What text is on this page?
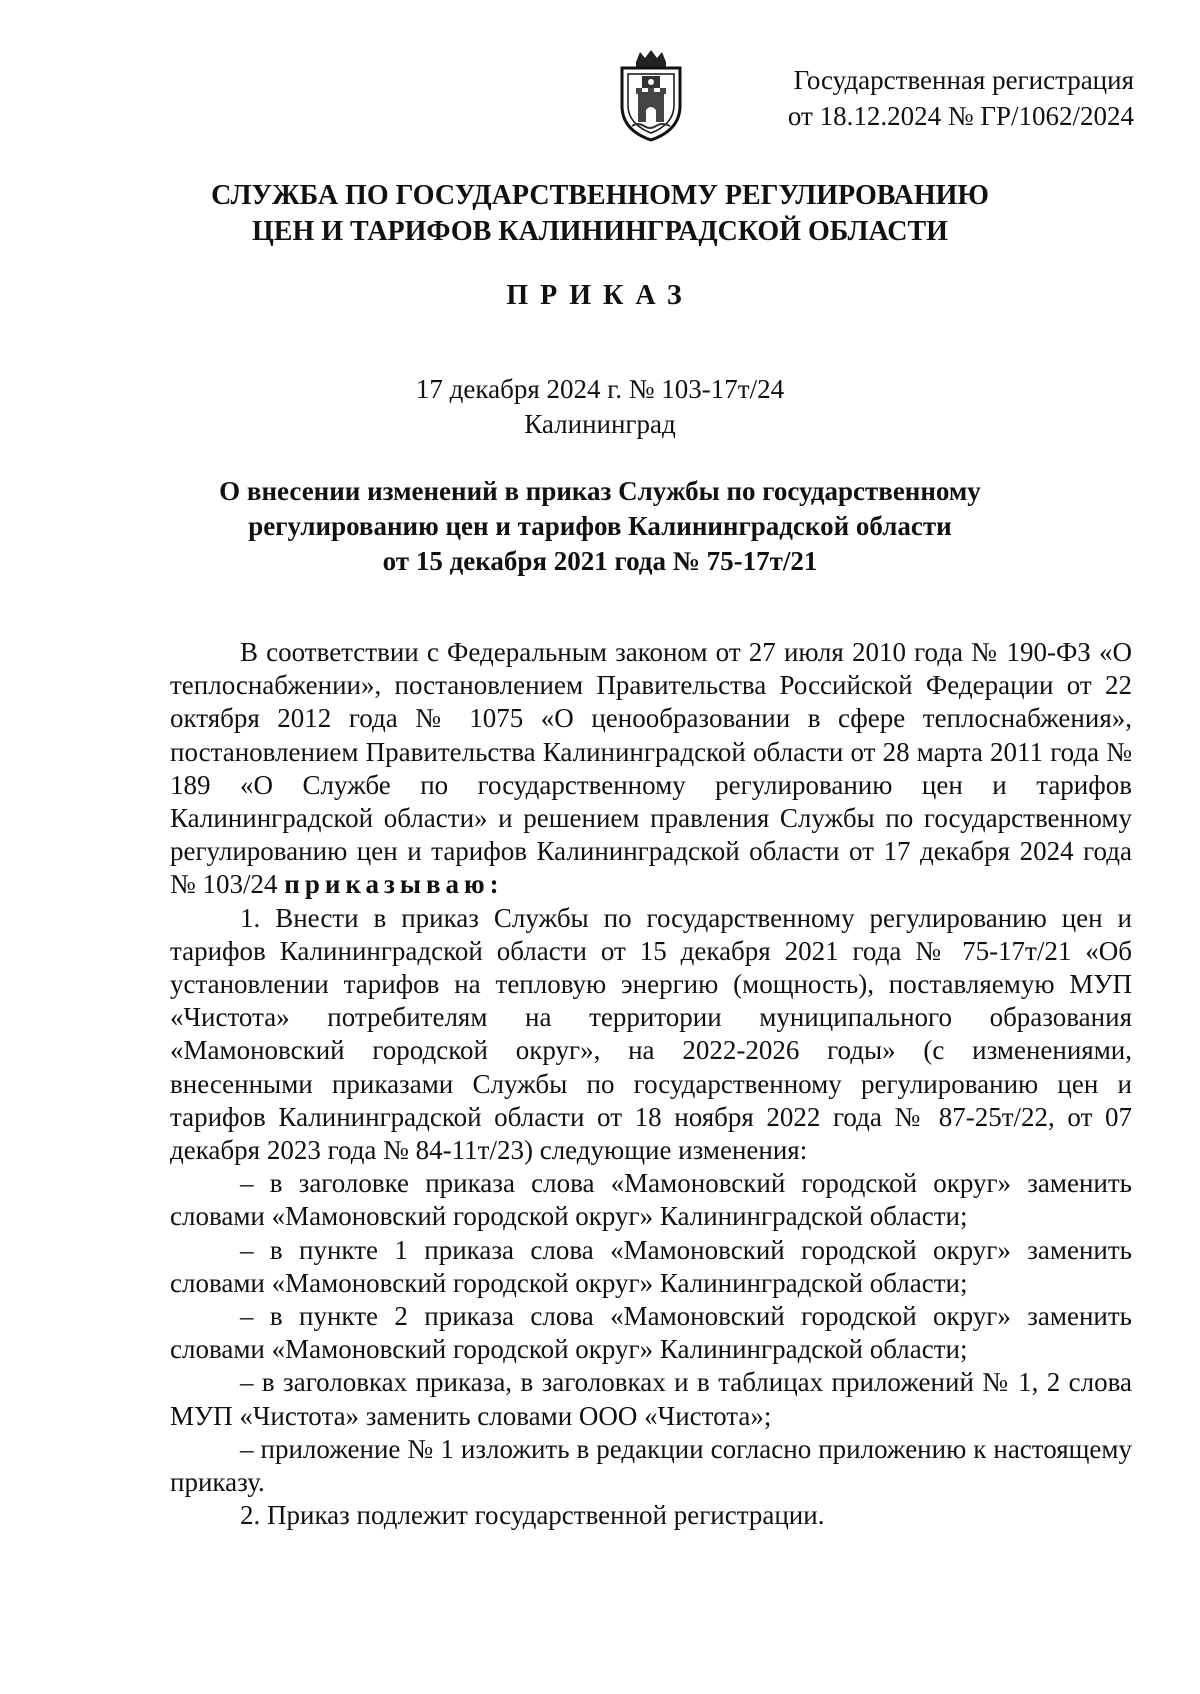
Государственная регистрация
от 18.12.2024 № ГР/1062/2024
СЛУЖБА ПО ГОСУДАРСТВЕННОМУ РЕГУЛИРОВАНИЮ
ЦЕН И ТАРИФОВ КАЛИНИНГРАДСКОЙ ОБЛАСТИ
ПРИКАЗ
17 декабря 2024 г. № 103-17т/24
Калининград
О внесении изменений в приказ Службы по государственному
регулированию цен и тарифов Калининградской области
от 15 декабря 2021 года № 75-17т/21

В соответствии с Федеральным законом от 27 июля 2010 года № 190-ФЗ «О теплоснабжении», постановлением Правительства Российской Федерации от 22 октября 2012 года № 1075 «О ценообразовании в сфере теплоснабжения», постановлением Правительства Калининградской области от 28 марта 2011 года № 189 «О Службе по государственному регулированию цен и тарифов Калининградской области» и решением правления Службы по государственному регулированию цен и тарифов Калининградской области от 17 декабря 2024 года № 103/24 приказываю:

1. Внести в приказ Службы по государственному регулированию цен и тарифов Калининградской области от 15 декабря 2021 года № 75-17т/21 «Об установлении тарифов на тепловую энергию (мощность), поставляемую МУП «Чистота» потребителям на территории муниципального образования «Мамоновский городской округ», на 2022-2026 годы» (с изменениями, внесенными приказами Службы по государственному регулированию цен и тарифов Калининградской области от 18 ноября 2022 года № 87-25т/22, от 07 декабря 2023 года № 84-11т/23) следующие изменения:

– в заголовке приказа слова «Мамоновский городской округ» заменить словами «Мамоновский городской округ» Калининградской области;

– в пункте 1 приказа слова «Мамоновский городской округ» заменить словами «Мамоновский городской округ» Калининградской области;

– в пункте 2 приказа слова «Мамоновский городской округ» заменить словами «Мамоновский городской округ» Калининградской области;

– в заголовках приказа, в заголовках и в таблицах приложений № 1, 2 слова МУП «Чистота» заменить словами ООО «Чистота»;

– приложение № 1 изложить в редакции согласно приложению к настоящему приказу.

2. Приказ подлежит государственной регистрации.
